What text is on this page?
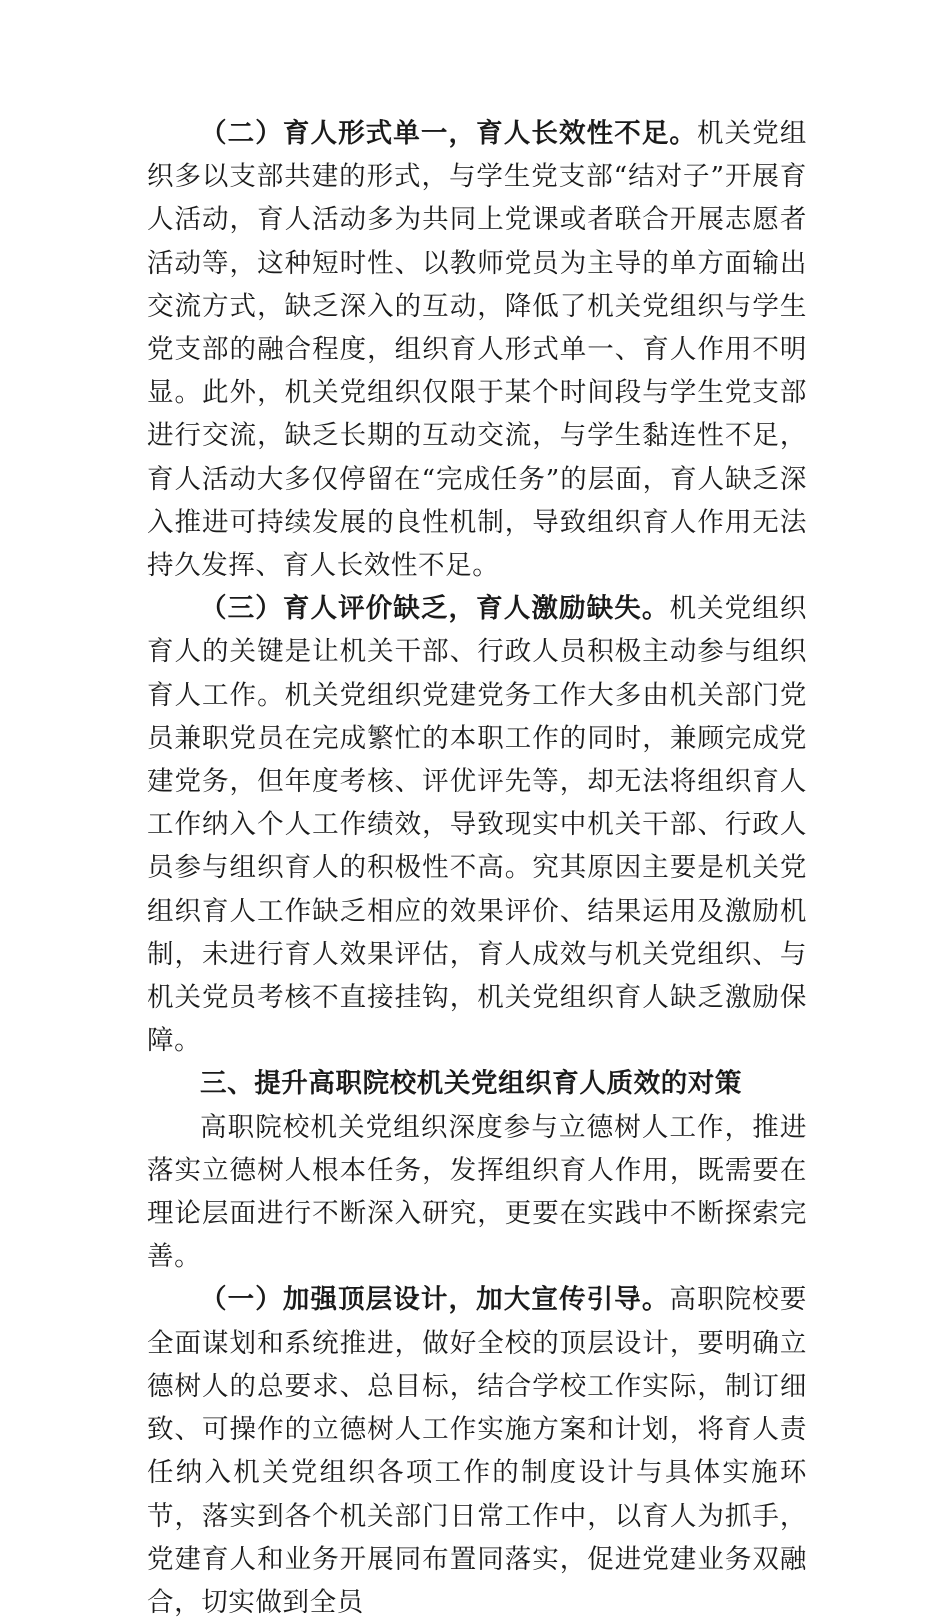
（二）育人形式单一，育人长效性不足。机关党组织多以支部共建的形式，与学生党支部“结对子”开展育人活动，育人活动多为共同上党课或者联合开展志愿者活动等，这种短时性、以教师党员为主导的单方面输出交流方式，缺乏深入的互动，降低了机关党组织与学生党支部的融合程度，组织育人形式单一、育人作用不明显。此外，机关党组织仅限于某个时间段与学生党支部进行交流，缺乏长期的互动交流，与学生黏连性不足，育人活动大多仅停留在“完成任务”的层面，育人缺乏深入推进可持续发展的良性机制，导致组织育人作用无法持久发挥、育人长效性不足。

（三）育人评价缺乏，育人激励缺失。机关党组织育人的关键是让机关干部、行政人员积极主动参与组织育人工作。机关党组织党建党务工作大多由机关部门党员兼职党员在完成繁忙的本职工作的同时，兼顾完成党建党务，但年度考核、评优评先等，却无法将组织育人工作纳入个人工作绩效，导致现实中机关干部、行政人员参与组织育人的积极性不高。究其原因主要是机关党组织育人工作缺乏相应的效果评价、结果运用及激励机制，未进行育人效果评估，育人成效与机关党组织、与机关党员考核不直接挂钩，机关党组织育人缺乏激励保障。

三、提升高职院校机关党组织育人质效的对策

高职院校机关党组织深度参与立德树人工作，推进落实立德树人根本任务，发挥组织育人作用，既需要在理论层面进行不断深入研究，更要在实践中不断探索完善。

（一）加强顶层设计，加大宣传引导。高职院校要全面谋划和系统推进，做好全校的顶层设计，要明确立德树人的总要求、总目标，结合学校工作实际，制订细致、可操作的立德树人工作实施方案和计划，将育人责任纳入机关党组织各项工作的制度设计与具体实施环节，落实到各个机关部门日常工作中，以育人为抓手，党建育人和业务开展同布置同落实，促进党建业务双融合，切实做到全员
